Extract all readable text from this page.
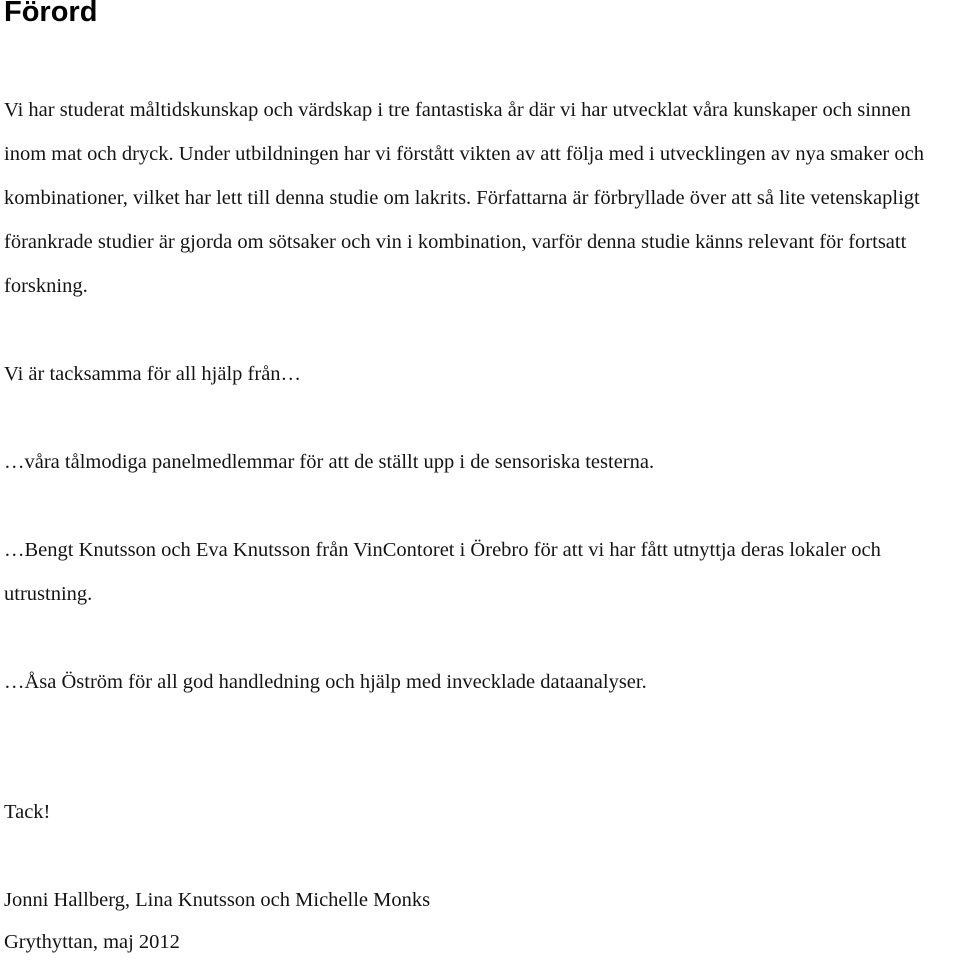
Förord

Vi har studerat måltidskunskap och värdskap i tre fantastiska år där vi har utvecklat våra kunskaper och sinnen inom mat och dryck. Under utbildningen har vi förstått vikten av att följa med i utvecklingen av nya smaker och kombinationer, vilket har lett till denna studie om lakrits. Författarna är förbryllade över att så lite vetenskapligt förankrade studier är gjorda om sötsaker och vin i kombination, varför denna studie känns relevant för fortsatt forskning.

Vi är tacksamma för all hjälp från…

…våra tålmodiga panelmedlemmar för att de ställt upp i de sensoriska testerna.

…Bengt Knutsson och Eva Knutsson från VinContoret i Örebro för att vi har fått utnyttja deras lokaler och utrustning.

…Åsa Öström för all god handledning och hjälp med invecklade dataanalyser.

Tack!

Jonni Hallberg, Lina Knutsson och Michelle Monks

Grythyttan, maj 2012
